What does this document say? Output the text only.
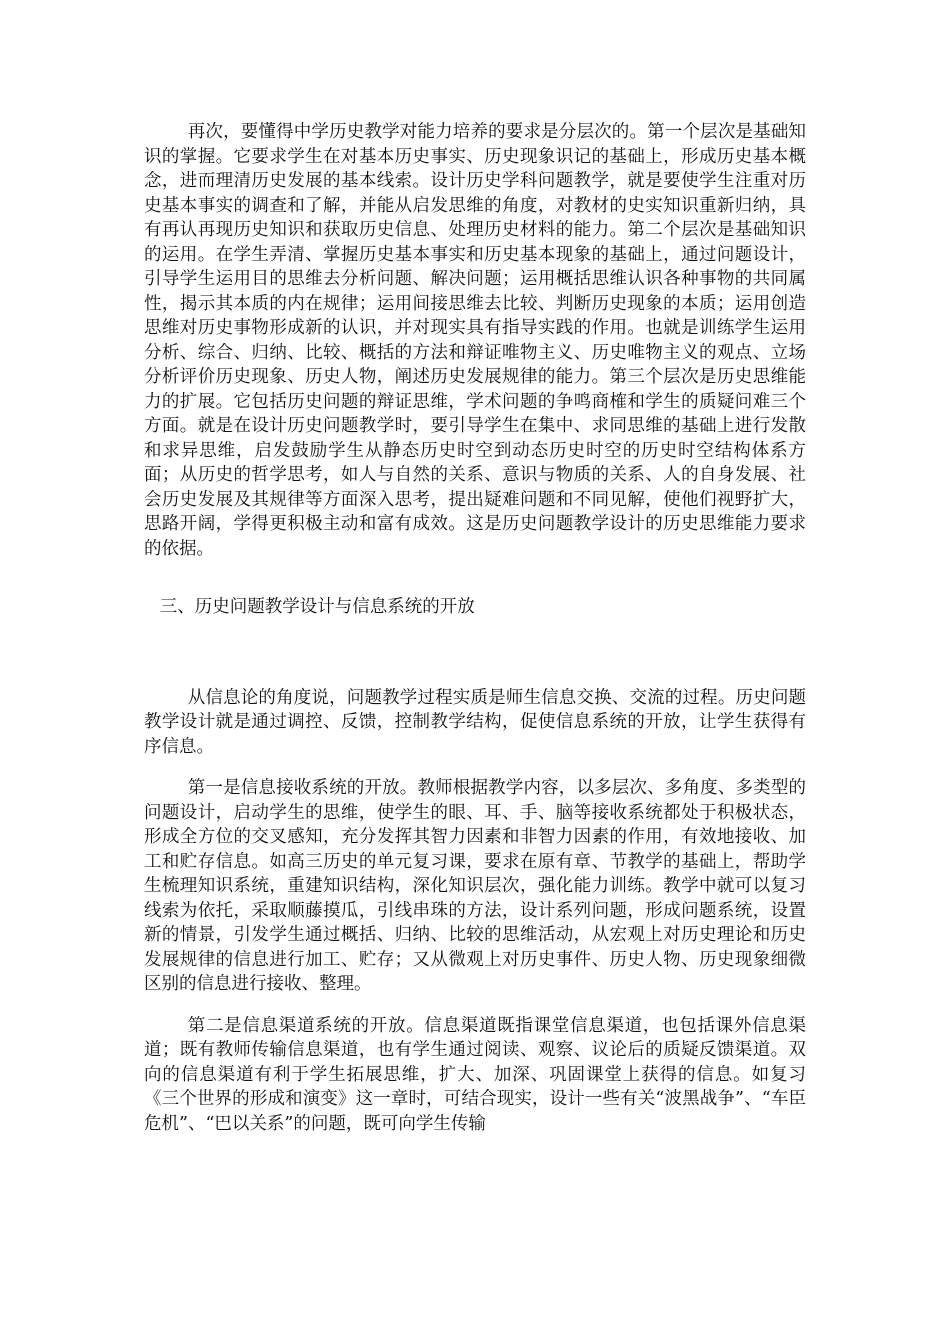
再次，要懂得中学历史教学对能力培养的要求是分层次的。第一个层次是基础知识的掌握。它要求学生在对基本历史事实、历史现象识记的基础上，形成历史基本概念，进而理清历史发展的基本线索。设计历史学科问题教学，就是要使学生注重对历史基本事实的调查和了解，并能从启发思维的角度，对教材的史实知识重新归纳，具有再认再现历史知识和获取历史信息、处理历史材料的能力。第二个层次是基础知识的运用。在学生弄清、掌握历史基本事实和历史基本现象的基础上，通过问题设计，引导学生运用目的思维去分析问题、解决问题；运用概括思维认识各种事物的共同属性，揭示其本质的内在规律；运用间接思维去比较、判断历史现象的本质；运用创造思维对历史事物形成新的认识，并对现实具有指导实践的作用。也就是训练学生运用分析、综合、归纳、比较、概括的方法和辩证唯物主义、历史唯物主义的观点、立场分析评价历史现象、历史人物，阐述历史发展规律的能力。第三个层次是历史思维能力的扩展。它包括历史问题的辩证思维，学术问题的争鸣商榷和学生的质疑问难三个方面。就是在设计历史问题教学时，要引导学生在集中、求同思维的基础上进行发散和求异思维，启发鼓励学生从静态历史时空到动态历史时空的历史时空结构体系方面；从历史的哲学思考，如人与自然的关系、意识与物质的关系、人的自身发展、社会历史发展及其规律等方面深入思考，提出疑难问题和不同见解，使他们视野扩大，思路开阔，学得更积极主动和富有成效。这是历史问题教学设计的历史思维能力要求的依据。

三、历史问题教学设计与信息系统的开放

从信息论的角度说，问题教学过程实质是师生信息交换、交流的过程。历史问题教学设计就是通过调控、反馈，控制教学结构，促使信息系统的开放，让学生获得有序信息。

第一是信息接收系统的开放。教师根据教学内容，以多层次、多角度、多类型的问题设计，启动学生的思维，使学生的眼、耳、手、脑等接收系统都处于积极状态，形成全方位的交叉感知，充分发挥其智力因素和非智力因素的作用，有效地接收、加工和贮存信息。如高三历史的单元复习课，要求在原有章、节教学的基础上，帮助学生梳理知识系统，重建知识结构，深化知识层次，强化能力训练。教学中就可以复习线索为依托，采取顺藤摸瓜，引线串珠的方法，设计系列问题，形成问题系统，设置新的情景，引发学生通过概括、归纳、比较的思维活动，从宏观上对历史理论和历史发展规律的信息进行加工、贮存；又从微观上对历史事件、历史人物、历史现象细微区别的信息进行接收、整理。

第二是信息渠道系统的开放。信息渠道既指课堂信息渠道，也包括课外信息渠道；既有教师传输信息渠道，也有学生通过阅读、观察、议论后的质疑反馈渠道。双向的信息渠道有利于学生拓展思维，扩大、加深、巩固课堂上获得的信息。如复习《三个世界的形成和演变》这一章时，可结合现实，设计一些有关“波黑战争”、“车臣危机”、“巴以关系”的问题，既可向学生传输
